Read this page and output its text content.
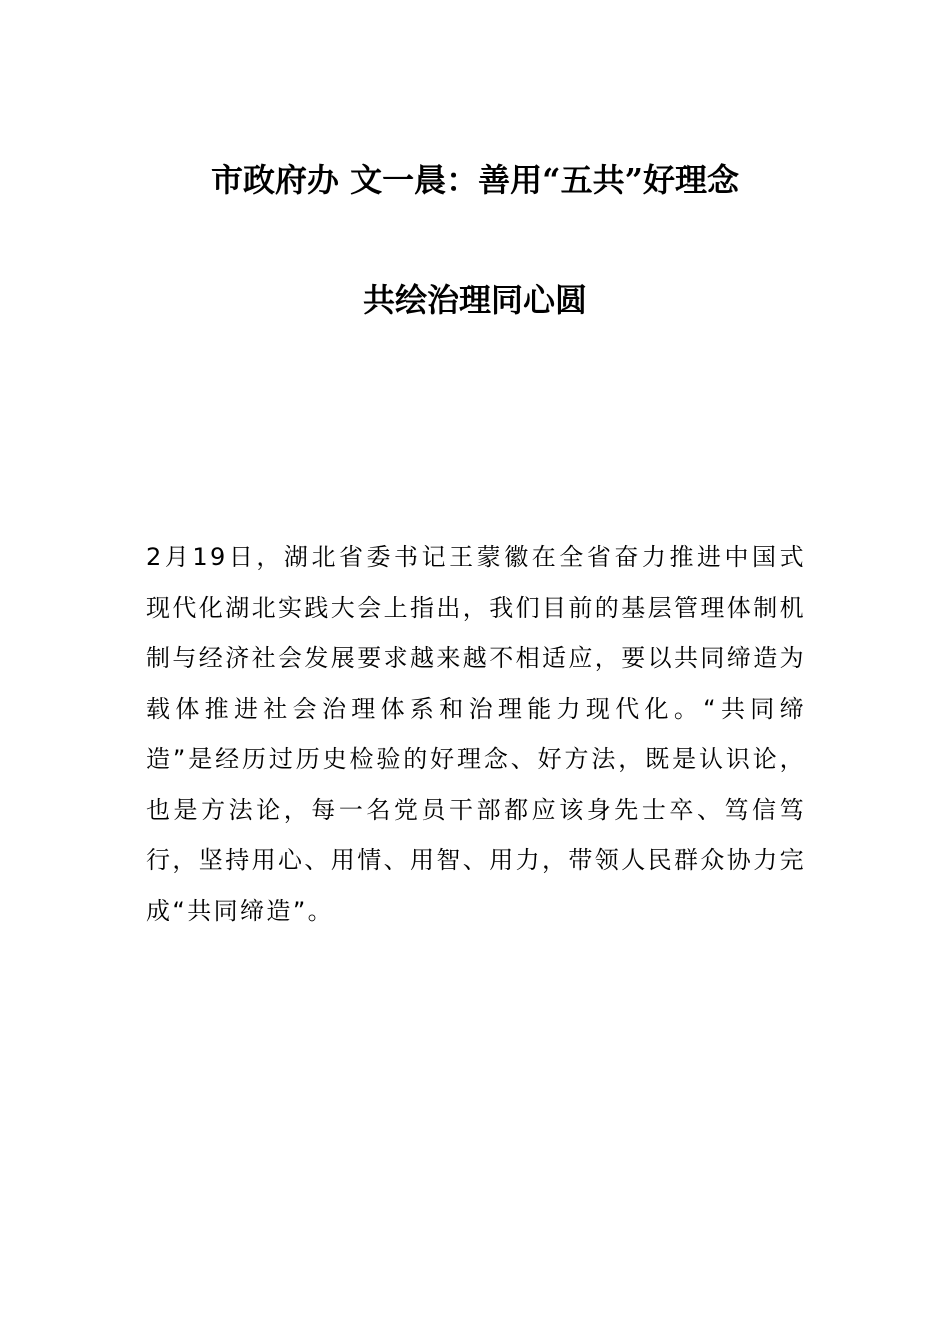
市政府办 文一晨：善用“五共”好理念
共绘治理同心圆

2月19日，湖北省委书记王蒙徽在全省奋力推进中国式现代化湖北实践大会上指出，我们目前的基层管理体制机制与经济社会发展要求越来越不相适应，要以共同缔造为载体推进社会治理体系和治理能力现代化。“共同缔造”是经历过历史检验的好理念、好方法，既是认识论，也是方法论，每一名党员干部都应该身先士卒、笃信笃行，坚持用心、用情、用智、用力，带领人民群众协力完成“共同缔造”。
